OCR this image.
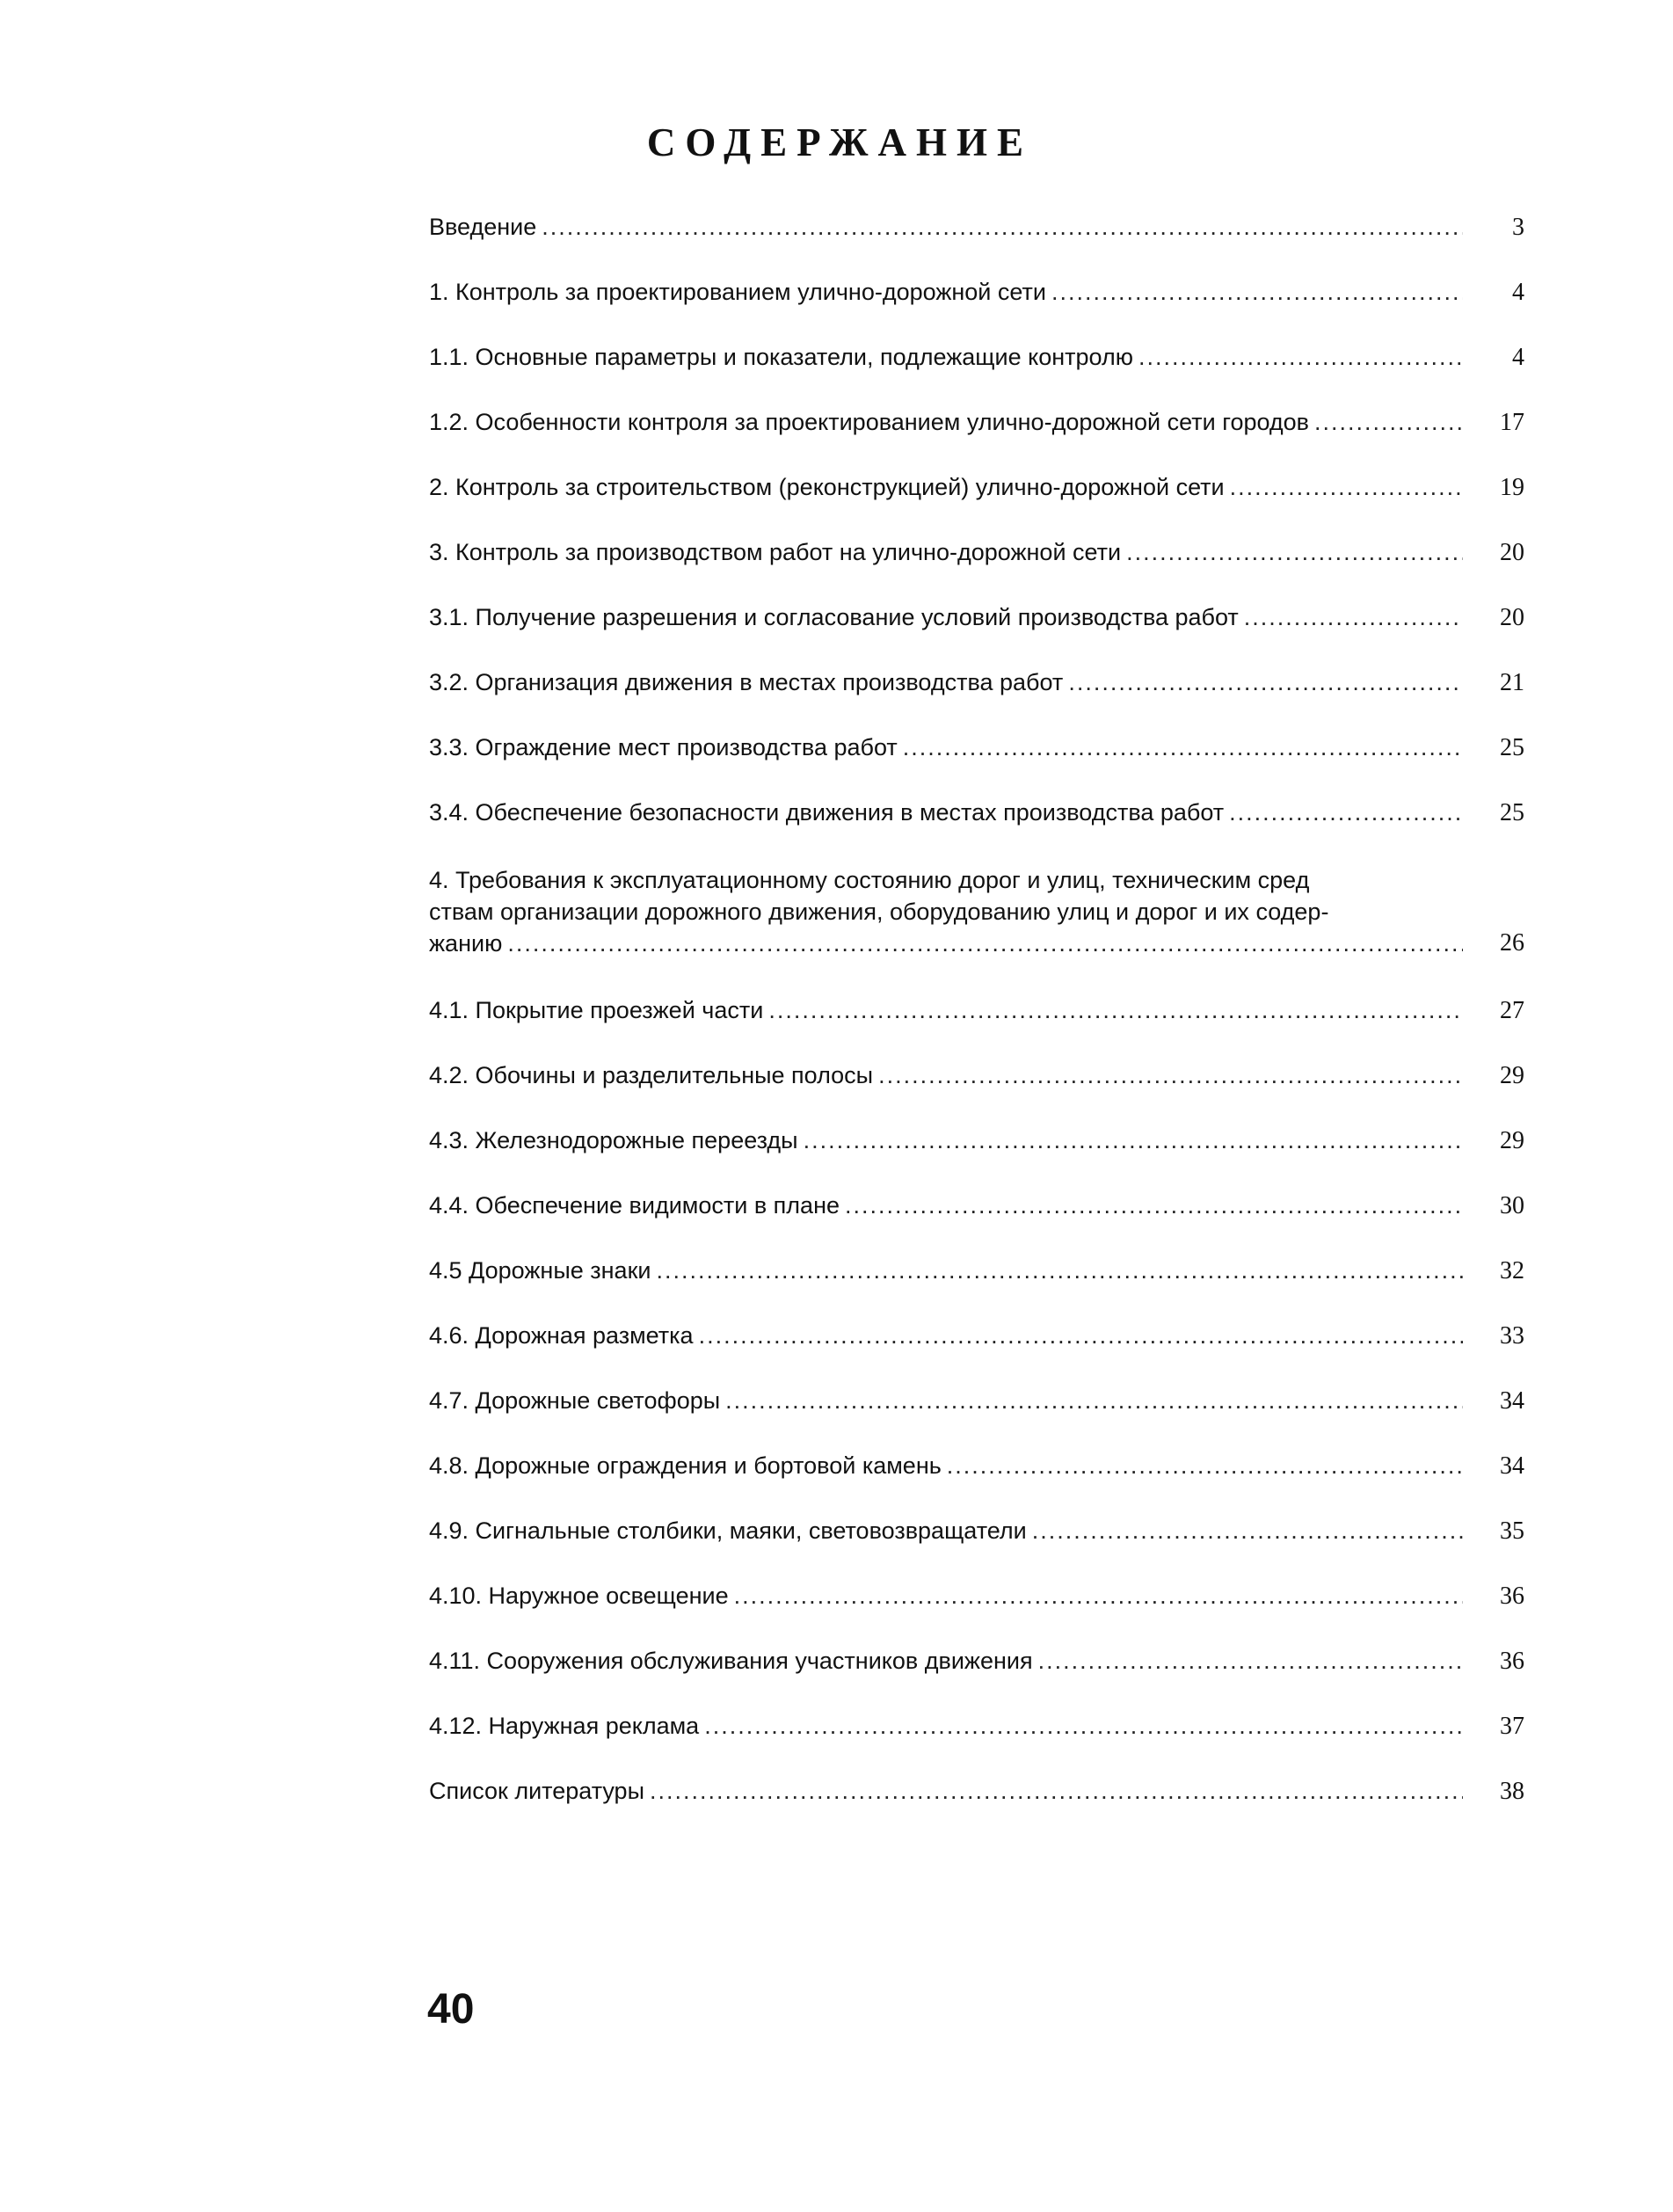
СОДЕРЖАНИЕ
Введение .....	3
1. Контроль за проектированием улично-дорожной сети .....	4
1.1. Основные параметры и показатели, подлежащие контролю .....	4
1.2. Особенности контроля за проектированием улично-дорожной сети городов .....	17
2. Контроль за строительством (реконструкцией) улично-дорожной сети .....	19
3. Контроль за производством работ на улично-дорожной сети .....	20
3.1. Получение разрешения и согласование условий производства работ .....	20
3.2. Организация движения в местах производства работ .....	21
3.3. Ограждение мест производства работ .....	25
3.4. Обеспечение безопасности движения в местах производства работ .....	25
4. Требования к эксплуатационному состоянию дорог и улиц, техническим сред
ствам организации дорожного движения, оборудованию улиц и дорог и их содер-
жанию .....	26
4.1. Покрытие проезжей части .....	27
4.2. Обочины и разделительные полосы .....	29
4.3. Железнодорожные переезды .....	29
4.4. Обеспечение видимости в плане .....	30
4.5 Дорожные знаки .....	32
4.6. Дорожная разметка .....	33
4.7. Дорожные светофоры .....	34
4.8. Дорожные ограждения и бортовой камень .....	34
4.9. Сигнальные столбики, маяки, световозвращатели .....	35
4.10. Наружное освещение .....	36
4.11. Сооружения обслуживания участников движения .....	36
4.12. Наружная реклама .....	37
Список литературы .....	38
40
